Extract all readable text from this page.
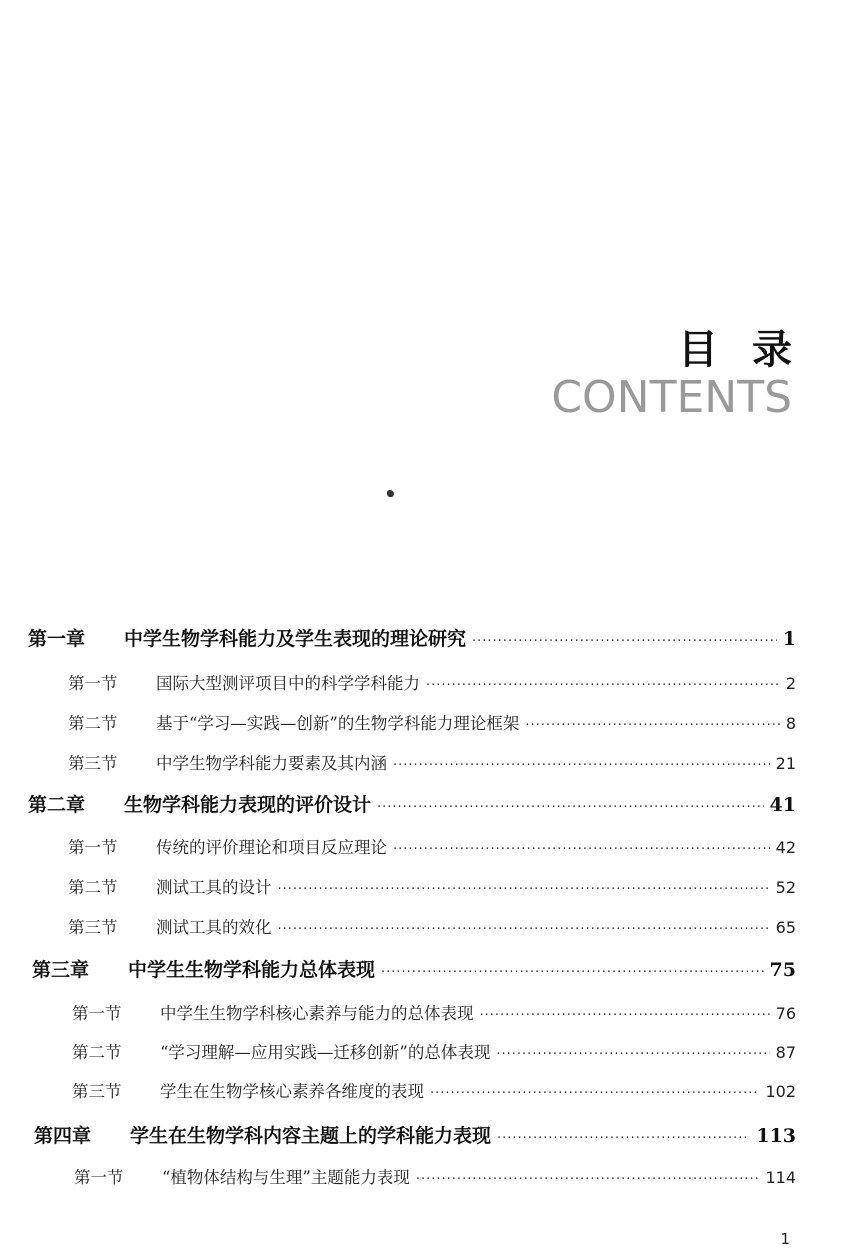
目录
CONTENTS
第一章	中学生物学科能力及学生表现的理论研究 ·····	1
第一节	国际大型测评项目中的科学学科能力 ·····	2
第二节	基于“学习—实践—创新”的生物学科能力理论框架 ·····	8
第三节	中学生物学科能力要素及其内涵 ·····	21
第二章	生物学科能力表现的评价设计 ·····	41
第一节	传统的评价理论和项目反应理论 ·····	42
第二节	测试工具的设计 ·····	52
第三节	测试工具的效化 ·····	65
第三章	中学生生物学科能力总体表现 ·····	75
第一节	中学生生物学科核心素养与能力的总体表现 ·····	76
第二节	“学习理解—应用实践—迁移创新”的总体表现 ·····	87
第三节	学生在生物学核心素养各维度的表现 ·····	102
第四章	学生在生物学科内容主题上的学科能力表现 ·····	113
第一节	“植物体结构与生理”主题能力表现 ·····	114
1
